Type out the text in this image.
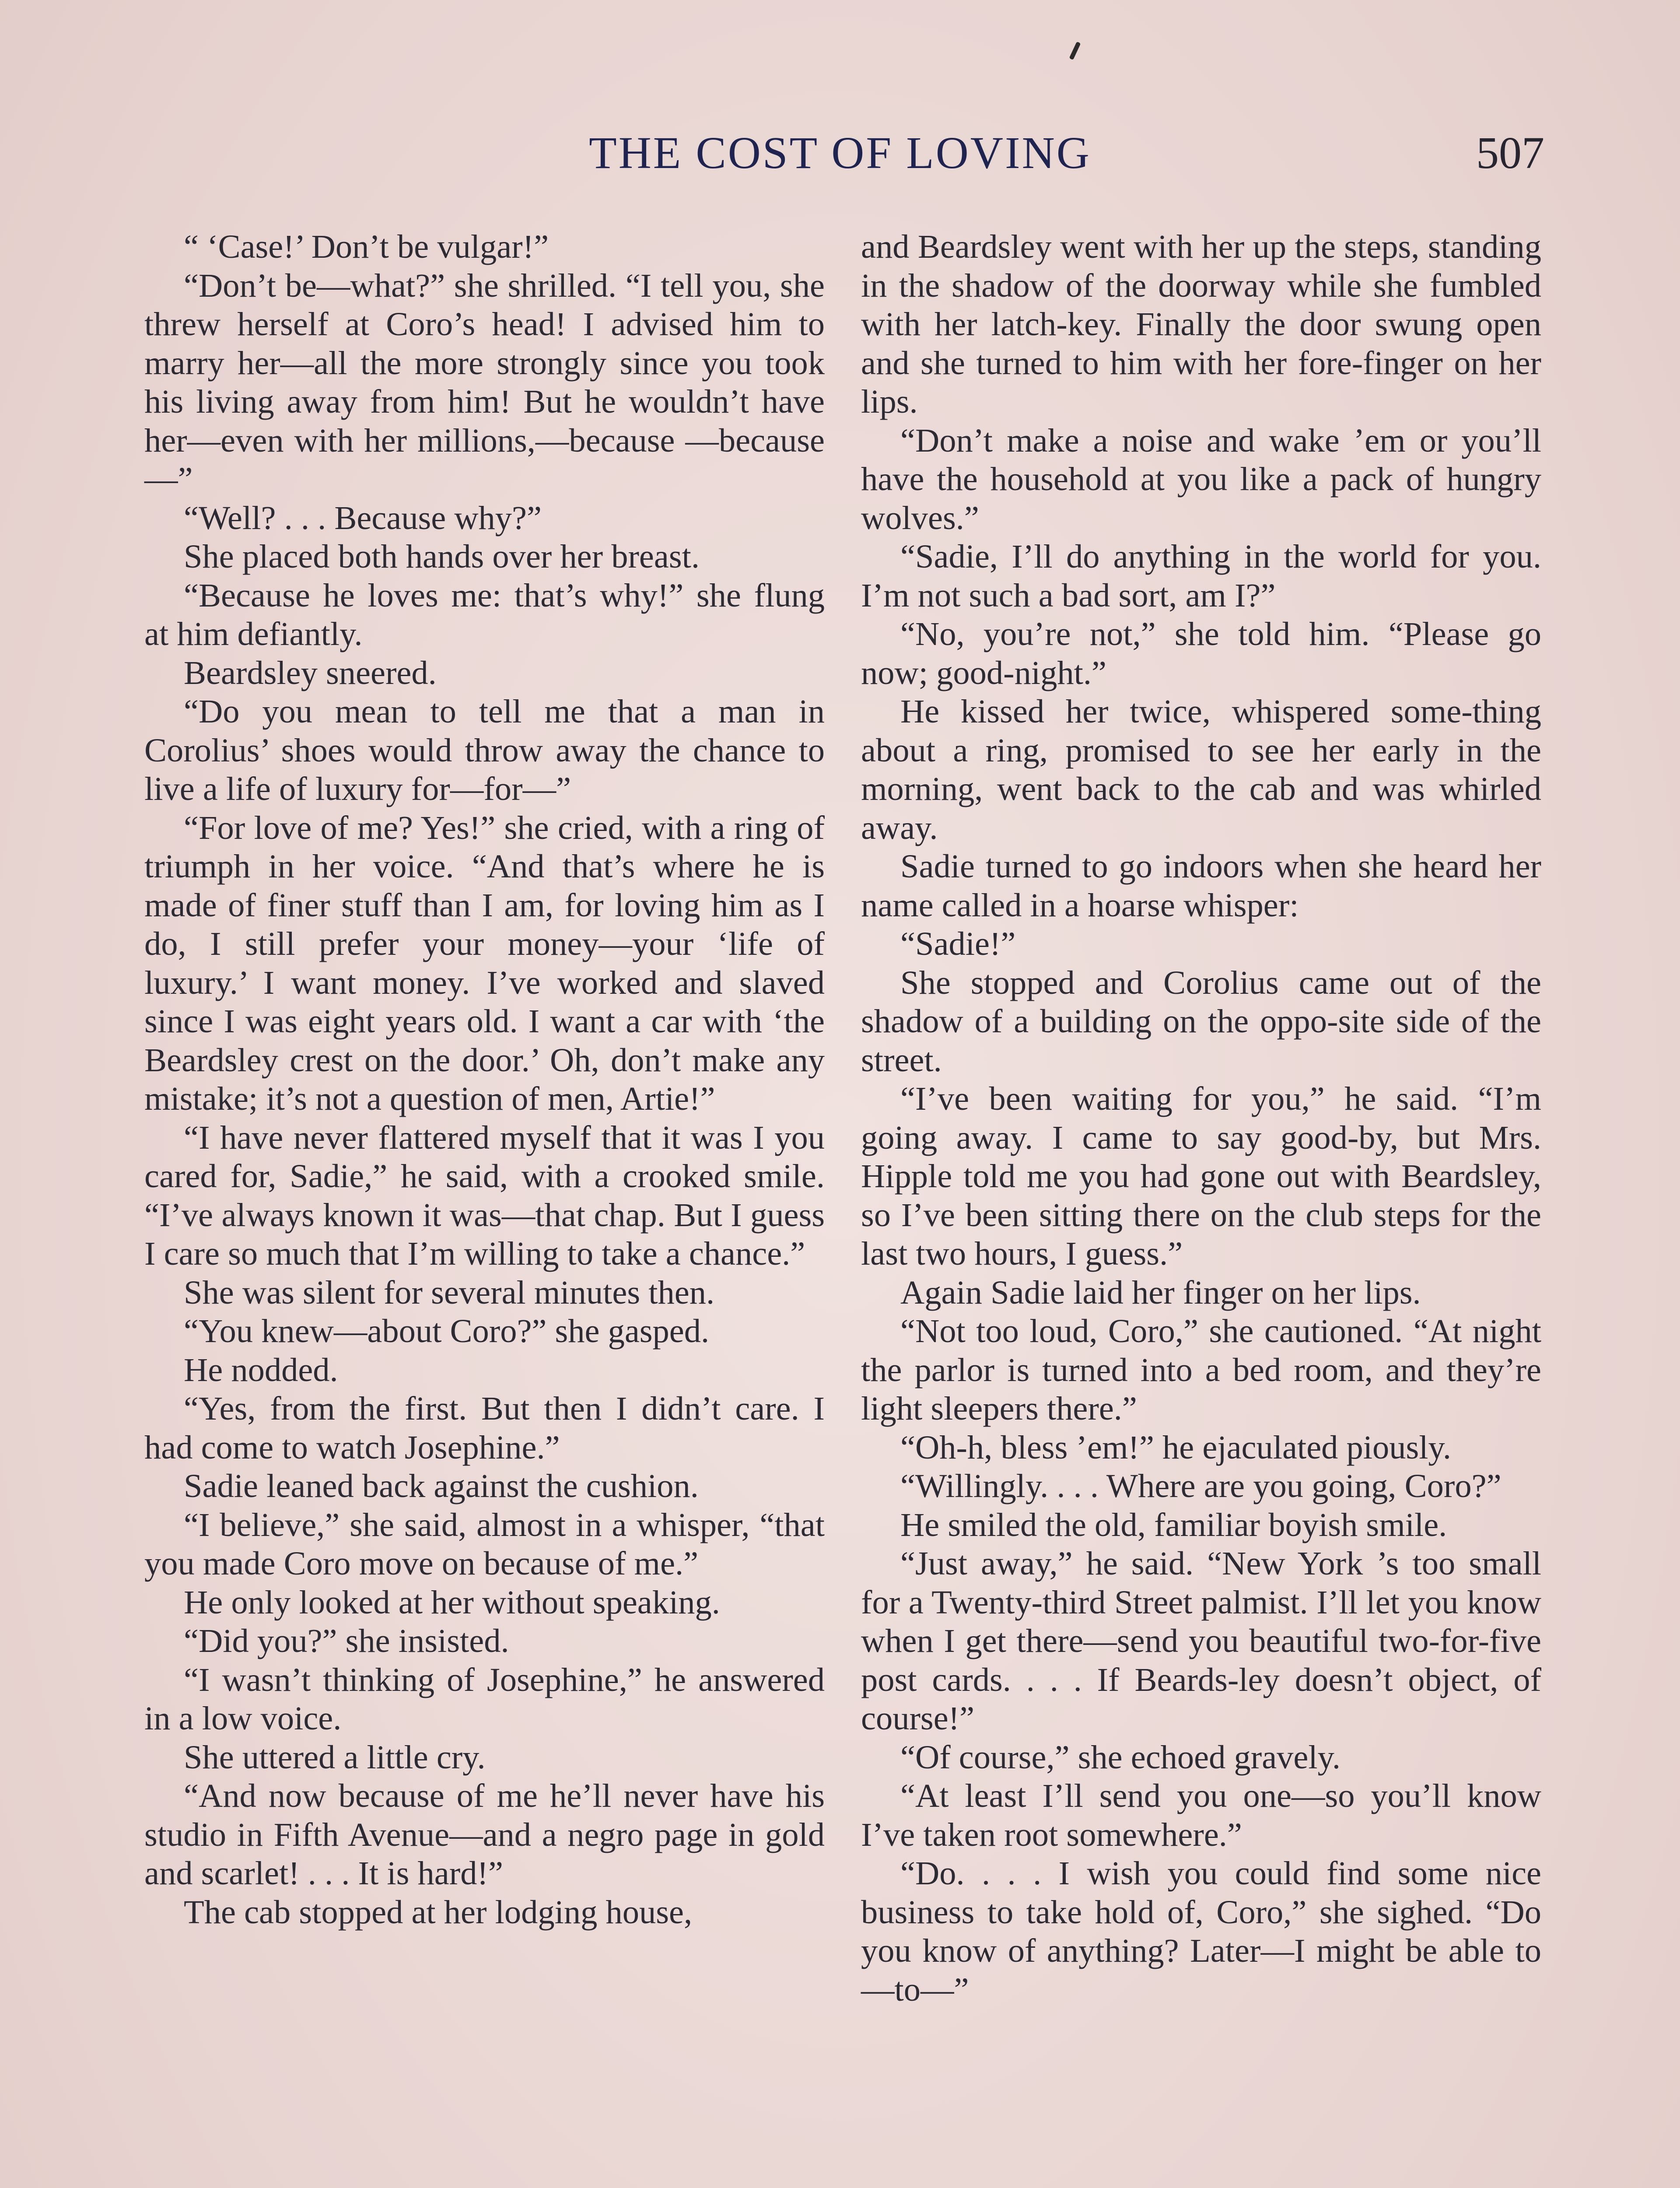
THE COST OF LOVING	507

“ ‘Case!’ Don’t be vulgar!”

“Don’t be—what?” she shrilled. “I tell you, she threw herself at Coro’s head! I advised him to marry her—all the more strongly since you took his living away from him! But he wouldn’t have her—even with her millions,—because —because—”

“Well? . . . Because why?”

She placed both hands over her breast.

“Because he loves me: that’s why!” she flung at him defiantly.

Beardsley sneered.

“Do you mean to tell me that a man in Corolius’ shoes would throw away the chance to live a life of luxury for—for—”

“For love of me? Yes!” she cried, with a ring of triumph in her voice. “And that’s where he is made of finer stuff than I am, for loving him as I do, I still prefer your money—your ‘life of luxury.’ I want money. I’ve worked and slaved since I was eight years old. I want a car with ‘the Beardsley crest on the door.’ Oh, don’t make any mistake; it’s not a question of men, Artie!”

“I have never flattered myself that it was I you cared for, Sadie,” he said, with a crooked smile. “I’ve always known it was—that chap. But I guess I care so much that I’m willing to take a chance.”

She was silent for several minutes then.

“You knew—about Coro?” she gasped.

He nodded.

“Yes, from the first. But then I didn’t care. I had come to watch Josephine.”

Sadie leaned back against the cushion.

“I believe,” she said, almost in a whisper, “that you made Coro move on because of me.”

He only looked at her without speaking.

“Did you?” she insisted.

“I wasn’t thinking of Josephine,” he answered in a low voice.

She uttered a little cry.

“And now because of me he’ll never have his studio in Fifth Avenue—and a negro page in gold and scarlet! . . . It is hard!”

The cab stopped at her lodging house,

and Beardsley went with her up the steps, standing in the shadow of the doorway while she fumbled with her latch-key. Finally the door swung open and she turned to him with her fore-finger on her lips.

“Don’t make a noise and wake ’em or you’ll have the household at you like a pack of hungry wolves.”

“Sadie, I’ll do anything in the world for you. I’m not such a bad sort, am I?”

“No, you’re not,” she told him. “Please go now; good-night.”

He kissed her twice, whispered some-thing about a ring, promised to see her early in the morning, went back to the cab and was whirled away.

Sadie turned to go indoors when she heard her name called in a hoarse whisper:

“Sadie!”

She stopped and Corolius came out of the shadow of a building on the oppo-site side of the street.

“I’ve been waiting for you,” he said. “I’m going away. I came to say good-by, but Mrs. Hipple told me you had gone out with Beardsley, so I’ve been sitting there on the club steps for the last two hours, I guess.”

Again Sadie laid her finger on her lips.

“Not too loud, Coro,” she cautioned. “At night the parlor is turned into a bed room, and they’re light sleepers there.”

“Oh-h, bless ’em!” he ejaculated piously.

“Willingly. . . . Where are you going, Coro?”

He smiled the old, familiar boyish smile.

“Just away,” he said. “New York ’s too small for a Twenty-third Street palmist. I’ll let you know when I get there—send you beautiful two-for-five post cards. . . . If Beards-ley doesn’t object, of course!”

“Of course,” she echoed gravely.

“At least I’ll send you one—so you’ll know I’ve taken root somewhere.”

“Do. . . . I wish you could find some nice business to take hold of, Coro,” she sighed. “Do you know of anything? Later—I might be able to—to—”
